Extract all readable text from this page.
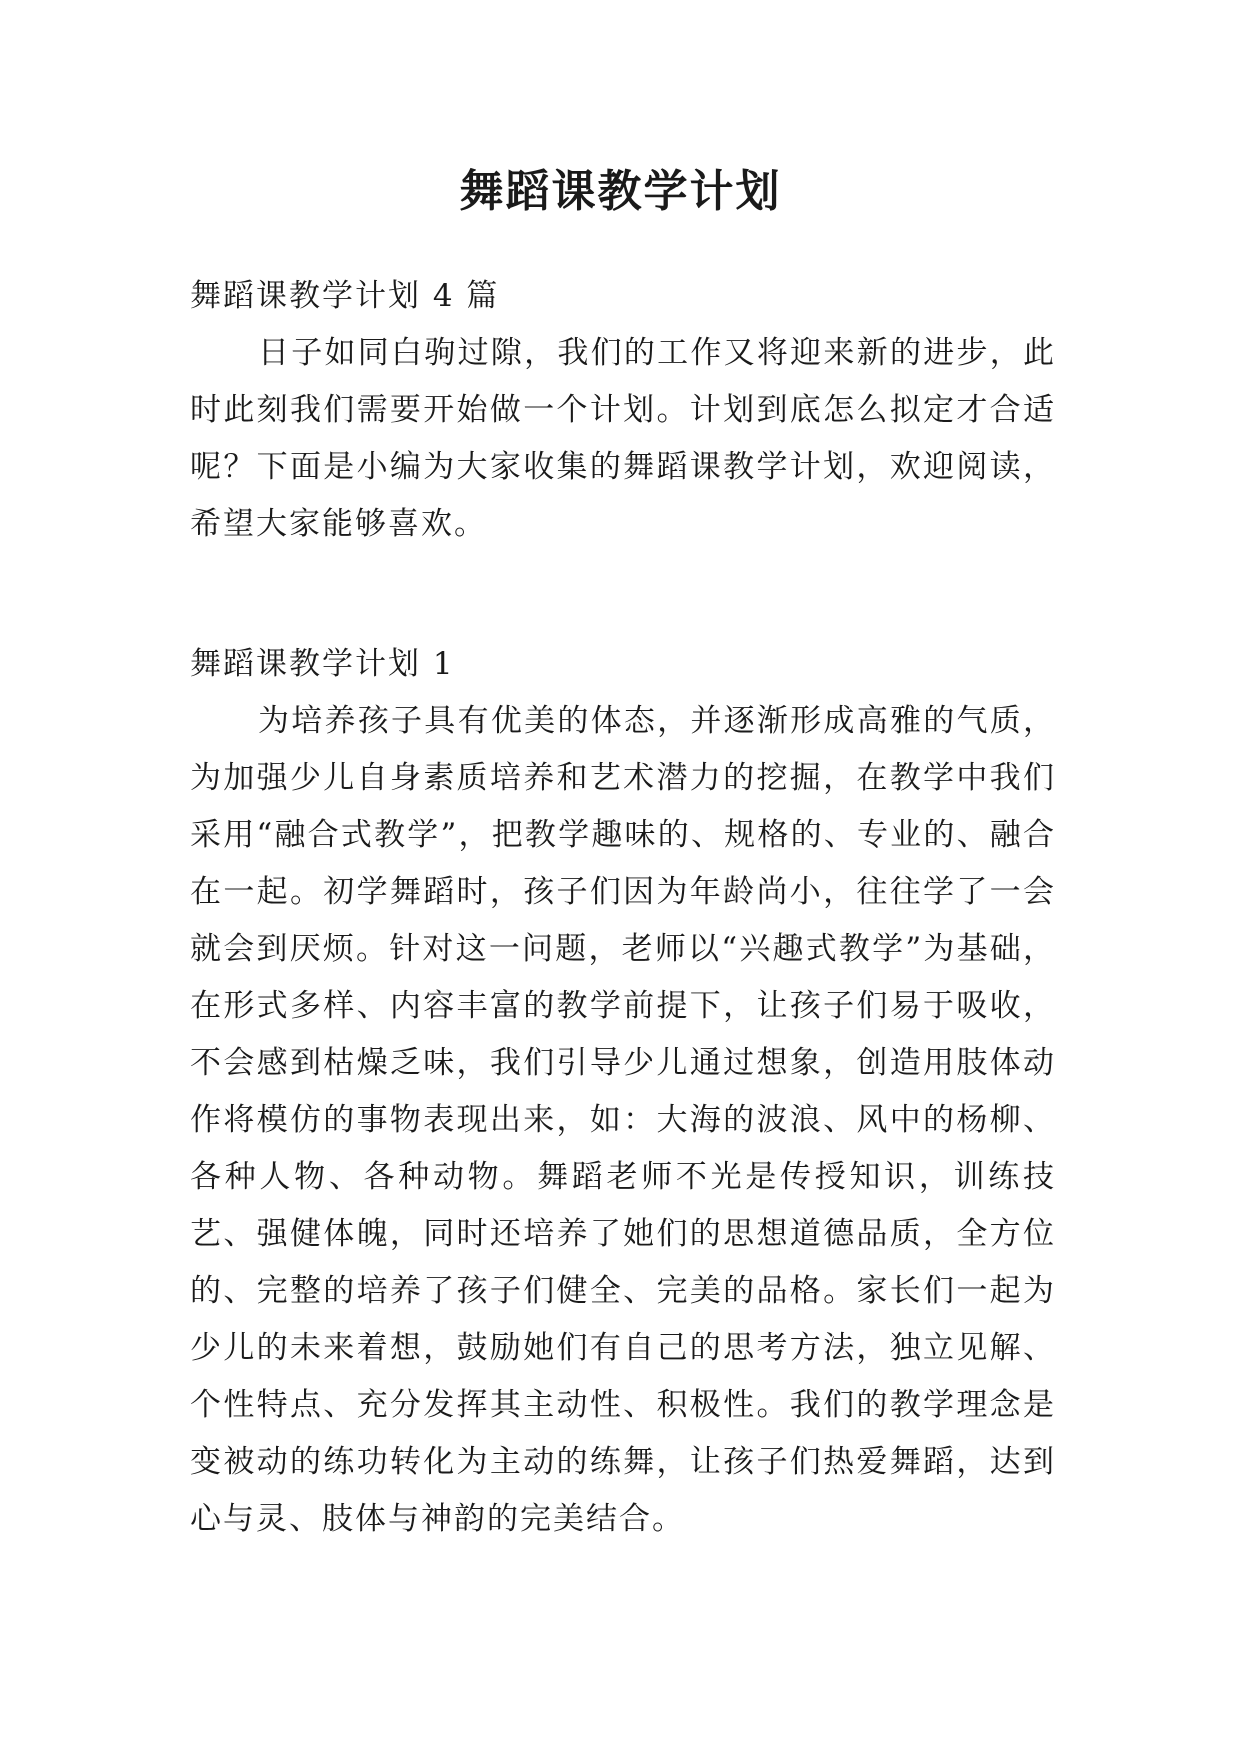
舞蹈课教学计划
舞蹈课教学计划 4 篇

日子如同白驹过隙，我们的工作又将迎来新的进步，此时此刻我们需要开始做一个计划。计划到底怎么拟定才合适呢？下面是小编为大家收集的舞蹈课教学计划，欢迎阅读，希望大家能够喜欢。

舞蹈课教学计划 1

为培养孩子具有优美的体态，并逐渐形成高雅的气质，为加强少儿自身素质培养和艺术潜力的挖掘，在教学中我们采用“融合式教学”，把教学趣味的、规格的、专业的、融合在一起。初学舞蹈时，孩子们因为年龄尚小，往往学了一会就会到厌烦。针对这一问题，老师以“兴趣式教学”为基础，在形式多样、内容丰富的教学前提下，让孩子们易于吸收，不会感到枯燥乏味，我们引导少儿通过想象，创造用肢体动作将模仿的事物表现出来，如：大海的波浪、风中的杨柳、各种人物、各种动物。舞蹈老师不光是传授知识，训练技艺、强健体魄，同时还培养了她们的思想道德品质，全方位的、完整的培养了孩子们健全、完美的品格。家长们一起为少儿的未来着想，鼓励她们有自己的思考方法，独立见解、个性特点、充分发挥其主动性、积极性。我们的教学理念是变被动的练功转化为主动的练舞，让孩子们热爱舞蹈，达到心与灵、肢体与神韵的完美结合。
